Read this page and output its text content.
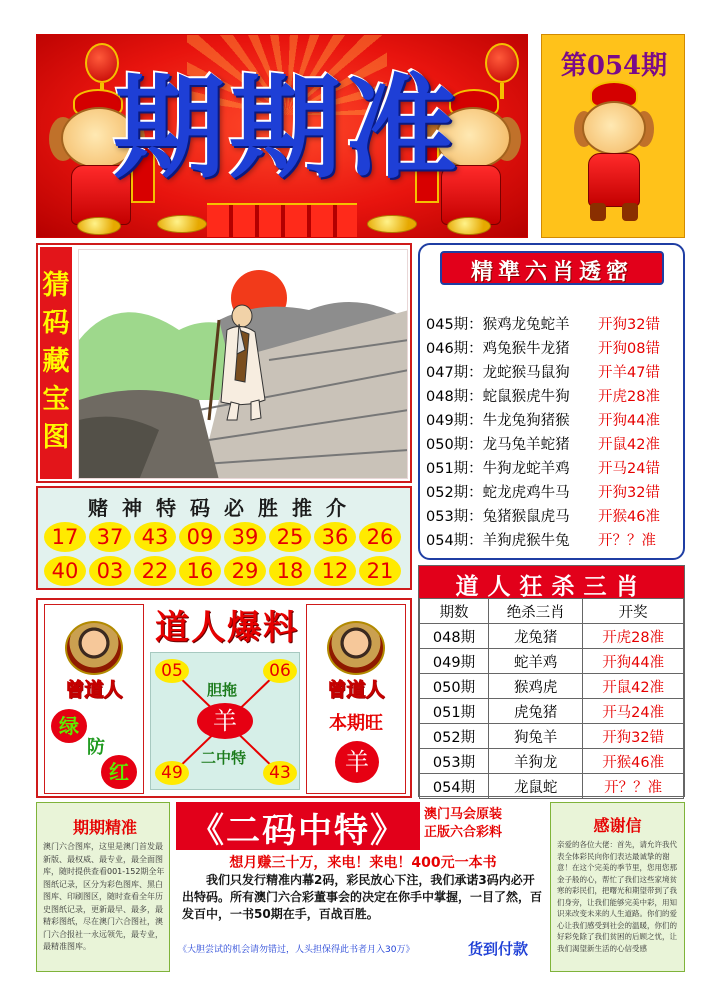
期期准	第054期
猜
码
藏
宝
图
精準六肖透密
045期：猴鸡龙兔蛇羊 开狗32错
046期：鸡兔猴牛龙猪 开狗08错
047期：龙蛇猴马鼠狗 开羊47错
048期：蛇鼠猴虎牛狗 开虎28准
049期：牛龙兔狗猪猴 开狗44准
050期：龙马兔羊蛇猪 开鼠42准
051期：牛狗龙蛇羊鸡 开马24错
052期：蛇龙虎鸡牛马 开狗32错
053期：兔猪猴鼠虎马 开猴46准
054期：羊狗虎猴牛兔 开？？准
赌神特码必胜推介
17 37 43 09 39 25 36 26
40 03 22 16 29 18 12 21
道人狂杀三肖
期数	绝杀三肖	开奖
048期	龙兔猪	开虎28准
049期	蛇羊鸡	开狗44准
050期	猴鸡虎	开鼠42准
051期	虎兔猪	开马24准
052期	狗兔羊	开狗32错
053期	羊狗龙	开猴46准
054期	龙鼠蛇	开？？准
道人爆料
曾道人
绿
防
红
05	06
49	43
胆拖
羊
二中特
曾道人
本期旺
羊
期期精准
澳门六合图库，这里是澳门首发最新版、最权威、最专业，最全面图库，随时提供查看001-152期全年图纸记录，区分为彩色图库、黑白图库、印刷图区，随时查看全年历史图纸记录，更新最早、最多，最精彩图纸，尽在澳门六合图社，澳门六合报社一永远领先，最专业，最精准图库。
《二码中特》	澳门马会原装
正版六合彩料
想月赚三十万，来电！来电！400元一本书
我们只发行精准内幕2码，彩民放心下注，我们承诺3码内必开出特码。所有澳门六合彩董事会的决定在你手中掌握，一目了然，百发百中，一书50期在手，百战百胜。
《大胆尝试的机会请勿错过，人头担保得此书者月入30万》	货到付款
感谢信
亲爱的各位大佬：首先，请允许我代表全体彩民向你们表达最诚挚的谢意！在这个完美的季节里，您用您那金子般的心，帮忙了我们这些家境贫寒的彩民们，把曙光和期望带到了我们身旁，让我们能够完美中彩，用知识来改变未来的人生道路。你们的爱心让我们感受到社会的温暖，你们的好彩免除了我们贫困的后顾之忧，让我们渴望新生活的心信受感
